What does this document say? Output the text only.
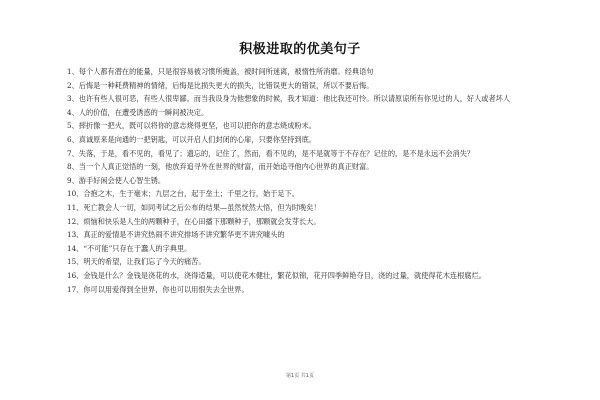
积极进取的优美句子
1、每个人都有潜在的能量，只是很容易被习惯所掩盖，被时间所迷离，被惰性所消磨。经典语句
2、后悔是一种耗费精神的情绪，后悔是比损失更大的损失，比错误更大的错误，所以不要后悔。
3、也许有些人很可恶，有些人很卑鄙。而当我设身为他想象的时候，我才知道：他比我还可怜。所以请原谅所有你见过的人，好人或者坏人
4、人的价值，在遭受诱惑的一瞬间被决定。
5、摔折像一把火，既可以将你的意志烧得更坚，也可以把你的意志烧成粉末。
6、真诚原来是向通的一把钥匙，可以开启人们封闭的心扉，只要你坚持到底。
7、失落，于是，看不见的，看见了；遗忘的，记住了，然而，看不见的，是不是就等于不存在？记住的，是不是永远不会消失？
8、当一个人真正觉悟的一刻，他放弃追寻外在世界的财富，而开始追寻他内心世界的真正财富。
9、游手好闲会使人心智生锈。
10、合抱之木，生于毫末；九层之台，起于垒土；千里之行，始于足下。
11、死亡教会人一切，如同考试之后公布的结果—虽然恍然大悟，但为时晚矣！
12、烦恼和快乐是人生的两颗种子，在心田播下那颗种子，那颗就会发芽长大。
13、真正的爱情是不讲究热闹不讲究排场不讲究繁华更不讲究噱头的
14、“不可能”只存在于蠢人的字典里。
15、明天的希望，让我们忘了今天的痛苦。
16、金钱是什么？金钱是浇花的水，浇得适量，可以使花木健壮，繁花似锦，花开四季鲜艳夺目，浇的过量，就使得花木连根腐烂。
17、你可以用爱得到全世界，你也可以用恨失去全世界。
第1页 共1页
